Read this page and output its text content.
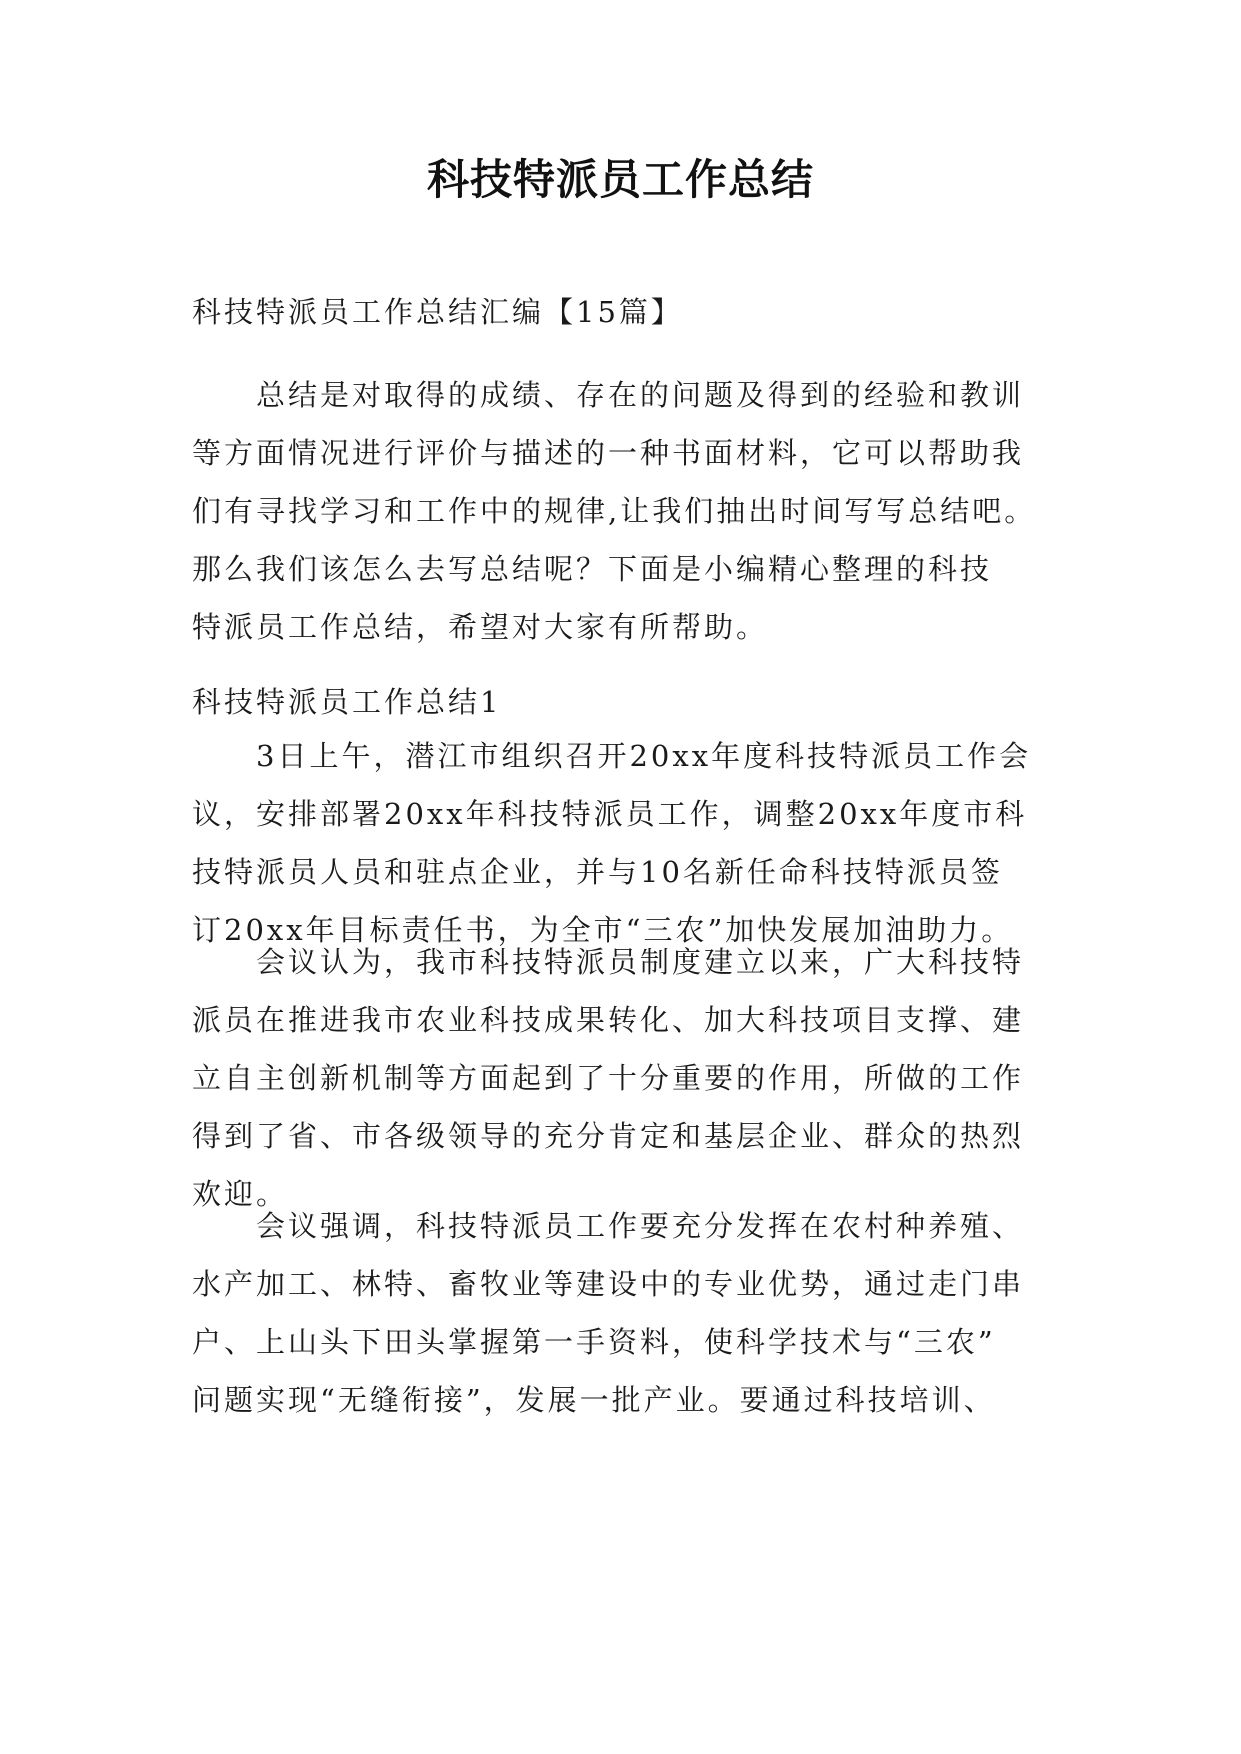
科技特派员工作总结
科技特派员工作总结汇编【15篇】
总结是对取得的成绩、存在的问题及得到的经验和教训
等方面情况进行评价与描述的一种书面材料，它可以帮助我
们有寻找学习和工作中的规律,让我们抽出时间写写总结吧。
那么我们该怎么去写总结呢？下面是小编精心整理的科技
特派员工作总结，希望对大家有所帮助。
科技特派员工作总结1
3日上午，潜江市组织召开20xx年度科技特派员工作会
议，安排部署20xx年科技特派员工作，调整20xx年度市科
技特派员人员和驻点企业，并与10名新任命科技特派员签
订20xx年目标责任书，为全市“三农”加快发展加油助力。
会议认为，我市科技特派员制度建立以来，广大科技特
派员在推进我市农业科技成果转化、加大科技项目支撑、建
立自主创新机制等方面起到了十分重要的作用，所做的工作
得到了省、市各级领导的充分肯定和基层企业、群众的热烈
欢迎。
会议强调，科技特派员工作要充分发挥在农村种养殖、
水产加工、林特、畜牧业等建设中的专业优势，通过走门串
户、上山头下田头掌握第一手资料，使科学技术与“三农”
问题实现“无缝衔接”，发展一批产业。要通过科技培训、
